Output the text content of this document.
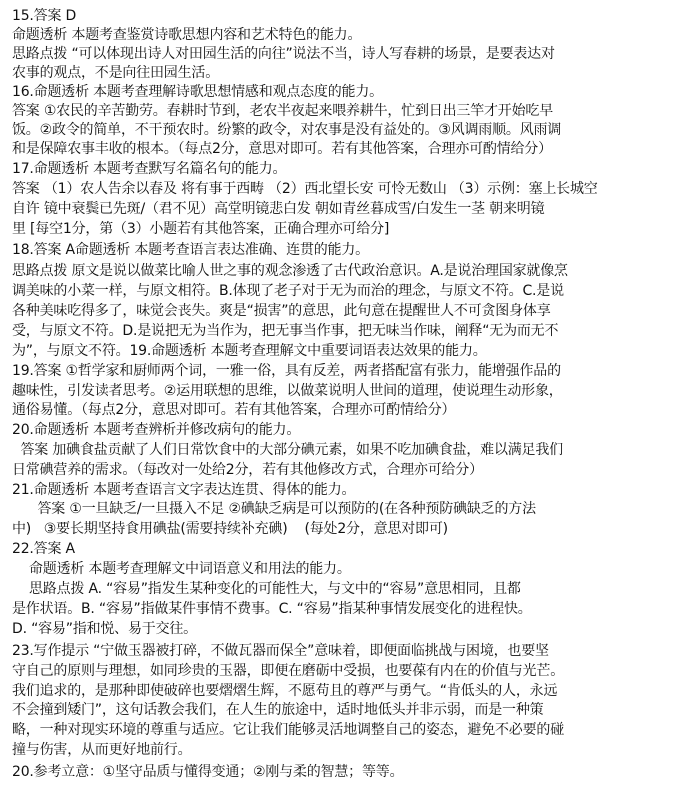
15.答案 D
命题透析 本题考查鉴赏诗歌思想内容和艺术特色的能力。
思路点拨 “可以体现出诗人对田园生活的向往”说法不当，诗人写春耕的场景，是要表达对
农事的观点，不是向往田园生活。
16.命题透析 本题考查理解诗歌思想情感和观点态度的能力。
答案 ①农民的辛苦勤劳。春耕时节到，老农半夜起来喂养耕牛，忙到日出三竿才开始吃早
饭。②政令的简单，不干预农时。纷繁的政令，对农事是没有益处的。③风调雨顺。风雨调
和是保障农事丰收的根本。（每点2分，意思对即可。若有其他答案，合理亦可酌情给分）
17.命题透析 本题考查默写名篇名句的能力。
答案 （1）农人告余以春及 将有事于西畴 （2）西北望长安 可怜无数山 （3）示例：塞上长城空
自许 镜中衰鬓已先斑/（君不见）高堂明镜悲白发 朝如青丝暮成雪/白发生一茎 朝来明镜
里 [每空1分，第（3）小题若有其他答案，正确合理亦可给分]
18.答案 A命题透析 本题考查语言表达准确、连贯的能力。
思路点拨 原文是说以做菜比喻人世之事的观念渗透了古代政治意识。A.是说治理国家就像烹
调美味的小菜一样，与原文相符。B.体现了老子对于无为而治的理念，与原文不符。C.是说
各种美味吃得多了，味觉会丧失。爽是“损害”的意思，此句意在提醒世人不可贪图身体享
受，与原文不符。D.是说把无为当作为，把无事当作事，把无味当作味，阐释“无为而无不
为”，与原文不符。19.命题透析 本题考查理解文中重要词语表达效果的能力。
19.答案 ①哲学家和厨师两个词，一雅一俗，具有反差，两者搭配富有张力，能增强作品的
趣味性，引发读者思考。②运用联想的思维，以做菜说明人世间的道理，使说理生动形象，
通俗易懂。（每点2分，意思对即可。若有其他答案，合理亦可酌情给分）
20.命题透析 本题考查辨析并修改病句的能力。
答案 加碘食盐贡献了人们日常饮食中的大部分碘元素，如果不吃加碘食盐，难以满足我们
日常碘营养的需求。（每改对一处给2分，若有其他修改方式，合理亦可给分）
21.命题透析 本题考查语言文字表达连贯、得体的能力。
答案 ①一旦缺乏/一旦摄入不足 ②碘缺乏病是可以预防的(在各种预防碘缺乏的方法
中)   ③要长期坚持食用碘盐(需要持续补充碘)    (每处2分，意思对即可)
22.答案 A
命题透析 本题考查理解文中词语意义和用法的能力。
思路点拨 A. “容易”指发生某种变化的可能性大，与文中的“容易”意思相同，且都
是作状语。B. “容易”指做某件事情不费事。C. “容易”指某种事情发展变化的进程快。
D. “容易”指和悦、易于交往。
23.写作提示 “宁做玉器被打碎，不做瓦器而保全”意味着，即便面临挑战与困境，也要坚
守自己的原则与理想，如同珍贵的玉器，即便在磨砺中受损，也要葆有内在的价值与光芒。
我们追求的，是那种即使破碎也要熠熠生辉，不愿苟且的尊严与勇气。“肯低头的人，永远
不会撞到矮门”，这句话教会我们，在人生的旅途中，适时地低头并非示弱，而是一种策
略，一种对现实环境的尊重与适应。它让我们能够灵活地调整自己的姿态，避免不必要的碰
撞与伤害，从而更好地前行。
20.参考立意：①坚守品质与懂得变通；②刚与柔的智慧；等等。
